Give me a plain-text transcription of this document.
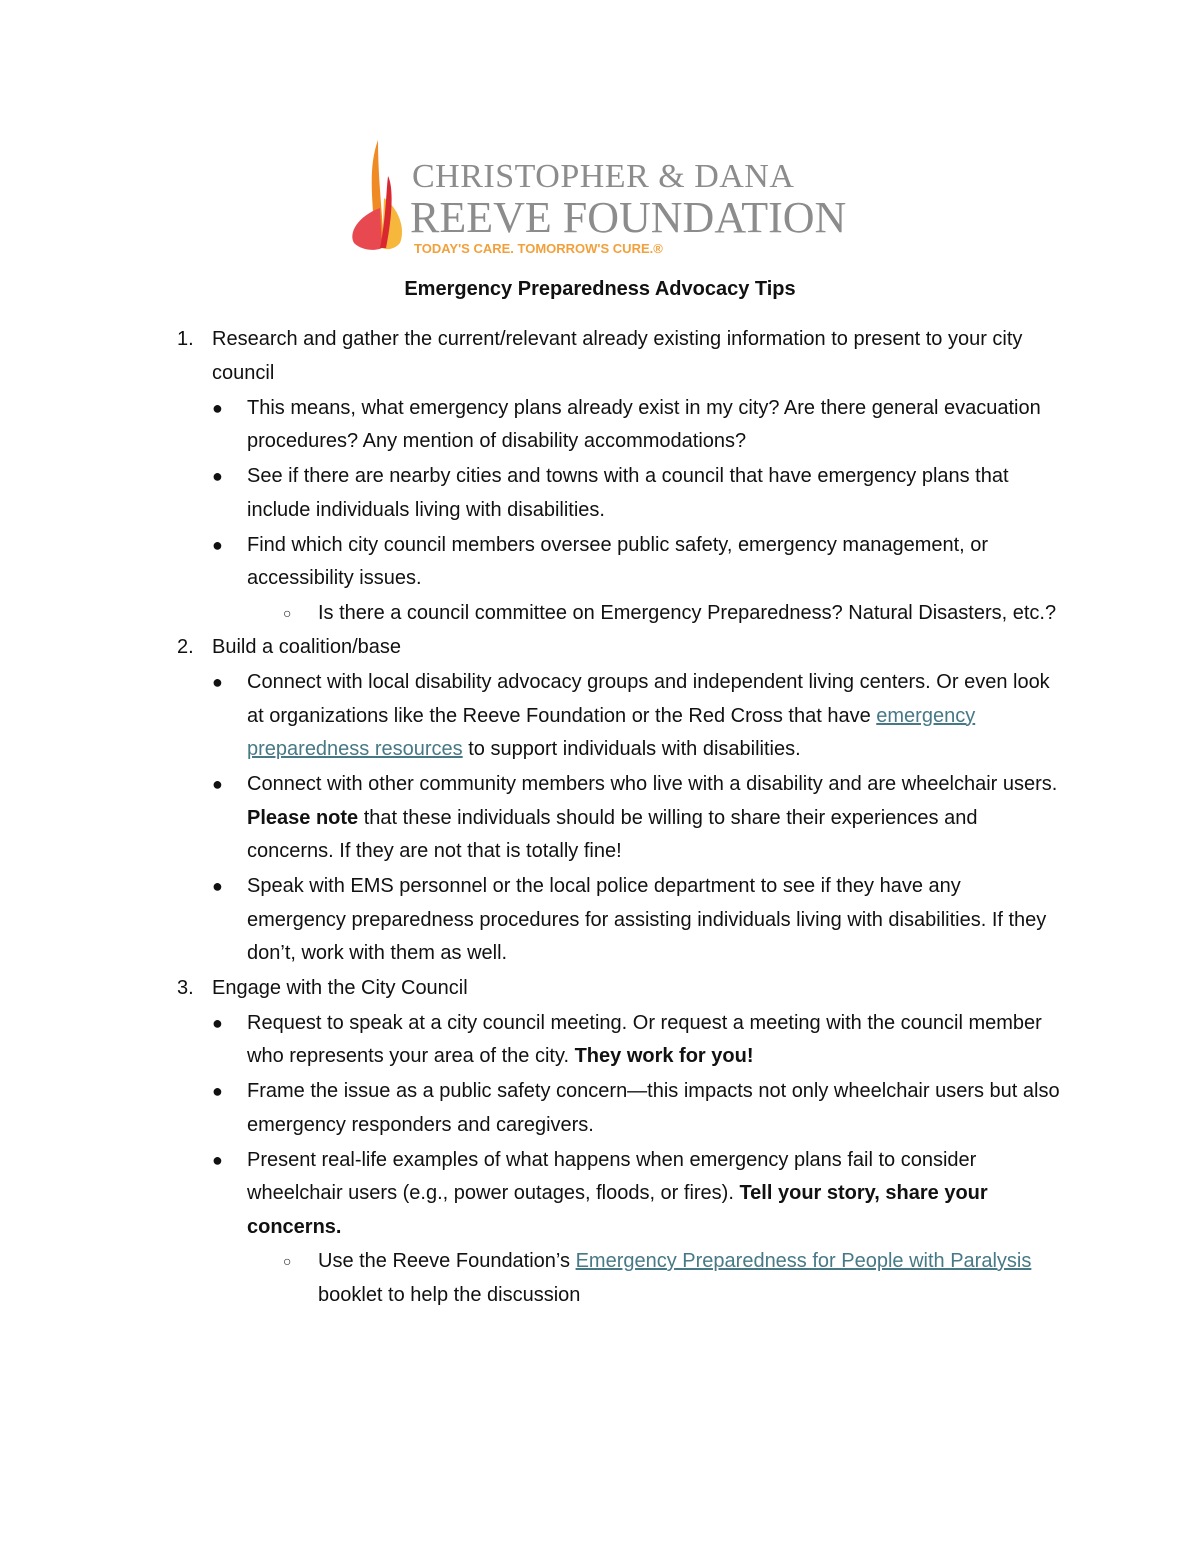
CHRISTOPHER & DANA
REEVE FOUNDATION
TODAY'S CARE. TOMORROW'S CURE.®
Emergency Preparedness Advocacy Tips
1. Research and gather the current/relevant already existing information to present to your city council
● This means, what emergency plans already exist in my city? Are there general evacuation procedures? Any mention of disability accommodations?
● See if there are nearby cities and towns with a council that have emergency plans that include individuals living with disabilities.
● Find which city council members oversee public safety, emergency management, or accessibility issues.
○ Is there a council committee on Emergency Preparedness? Natural Disasters, etc.?
2. Build a coalition/base
● Connect with local disability advocacy groups and independent living centers. Or even look at organizations like the Reeve Foundation or the Red Cross that have emergency preparedness resources to support individuals with disabilities.
● Connect with other community members who live with a disability and are wheelchair users. Please note that these individuals should be willing to share their experiences and concerns. If they are not that is totally fine!
● Speak with EMS personnel or the local police department to see if they have any emergency preparedness procedures for assisting individuals living with disabilities. If they don’t, work with them as well.
3. Engage with the City Council
● Request to speak at a city council meeting. Or request a meeting with the council member who represents your area of the city. They work for you!
● Frame the issue as a public safety concern—this impacts not only wheelchair users but also emergency responders and caregivers.
● Present real-life examples of what happens when emergency plans fail to consider wheelchair users (e.g., power outages, floods, or fires). Tell your story, share your concerns.
○ Use the Reeve Foundation’s Emergency Preparedness for People with Paralysis booklet to help the discussion
